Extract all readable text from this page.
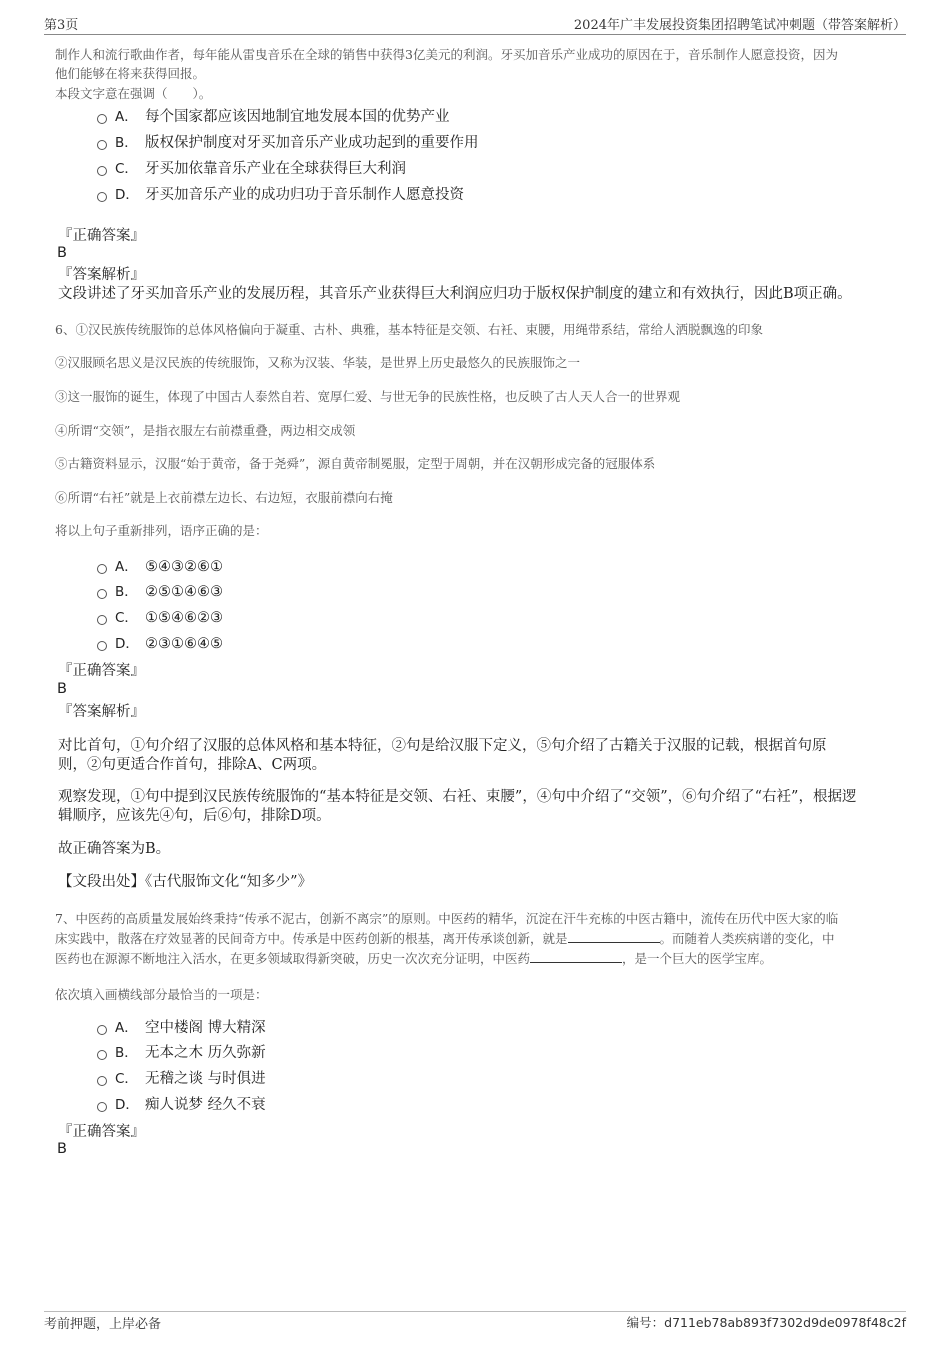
第3页	2024年广丰发展投资集团招聘笔试冲刺题（带答案解析）
制作人和流行歌曲作者，每年能从雷曳音乐在全球的销售中获得3亿美元的利润。牙买加音乐产业成功的原因在于，音乐制作人愿意投资，因为
他们能够在将来获得回报。
本段文字意在强调（　　）。
A． 每个国家都应该因地制宜地发展本国的优势产业
B． 版权保护制度对牙买加音乐产业成功起到的重要作用
C． 牙买加依靠音乐产业在全球获得巨大利润
D． 牙买加音乐产业的成功归功于音乐制作人愿意投资
『正确答案』
B
『答案解析』
文段讲述了牙买加音乐产业的发展历程，其音乐产业获得巨大利润应归功于版权保护制度的建立和有效执行，因此B项正确。
6、①汉民族传统服饰的总体风格偏向于凝重、古朴、典雅，基本特征是交领、右衽、束腰，用绳带系结，常给人洒脱飘逸的印象
②汉服顾名思义是汉民族的传统服饰，又称为汉装、华装，是世界上历史最悠久的民族服饰之一
③这一服饰的诞生，体现了中国古人泰然自若、宽厚仁爱、与世无争的民族性格，也反映了古人天人合一的世界观
④所谓“交领”，是指衣服左右前襟重叠，两边相交成领
⑤古籍资料显示，汉服“始于黄帝，备于尧舜”，源自黄帝制冕服，定型于周朝，并在汉朝形成完备的冠服体系
⑥所谓“右衽”就是上衣前襟左边长、右边短，衣服前襟向右掩
将以上句子重新排列，语序正确的是：
A． ⑤④③②⑥①
B． ②⑤①④⑥③
C． ①⑤④⑥②③
D． ②③①⑥④⑤
『正确答案』
B
『答案解析』
对比首句，①句介绍了汉服的总体风格和基本特征，②句是给汉服下定义，⑤句介绍了古籍关于汉服的记载，根据首句原
则，②句更适合作首句，排除A、C两项。
观察发现，①句中提到汉民族传统服饰的“基本特征是交领、右衽、束腰”，④句中介绍了“交领”，⑥句介绍了“右衽”，根据逻
辑顺序，应该先④句，后⑥句，排除D项。
故正确答案为B。
【文段出处】《古代服饰文化“知多少”》
7、中医药的高质量发展始终秉持“传承不泥古，创新不离宗”的原则。中医药的精华，沉淀在汗牛充栋的中医古籍中，流传在历代中医大家的临
床实践中，散落在疗效显著的民间奇方中。传承是中医药创新的根基，离开传承谈创新，就是	。而随着人类疾病谱的变化，中
医药也在源源不断地注入活水，在更多领域取得新突破，历史一次次充分证明，中医药	，是一个巨大的医学宝库。
依次填入画横线部分最恰当的一项是：
A． 空中楼阁 博大精深
B． 无本之木 历久弥新
C． 无稽之谈 与时俱进
D． 痴人说梦 经久不衰
『正确答案』
B
考前押题，上岸必备	编号：d711eb78ab893f7302d9de0978f48c2f
